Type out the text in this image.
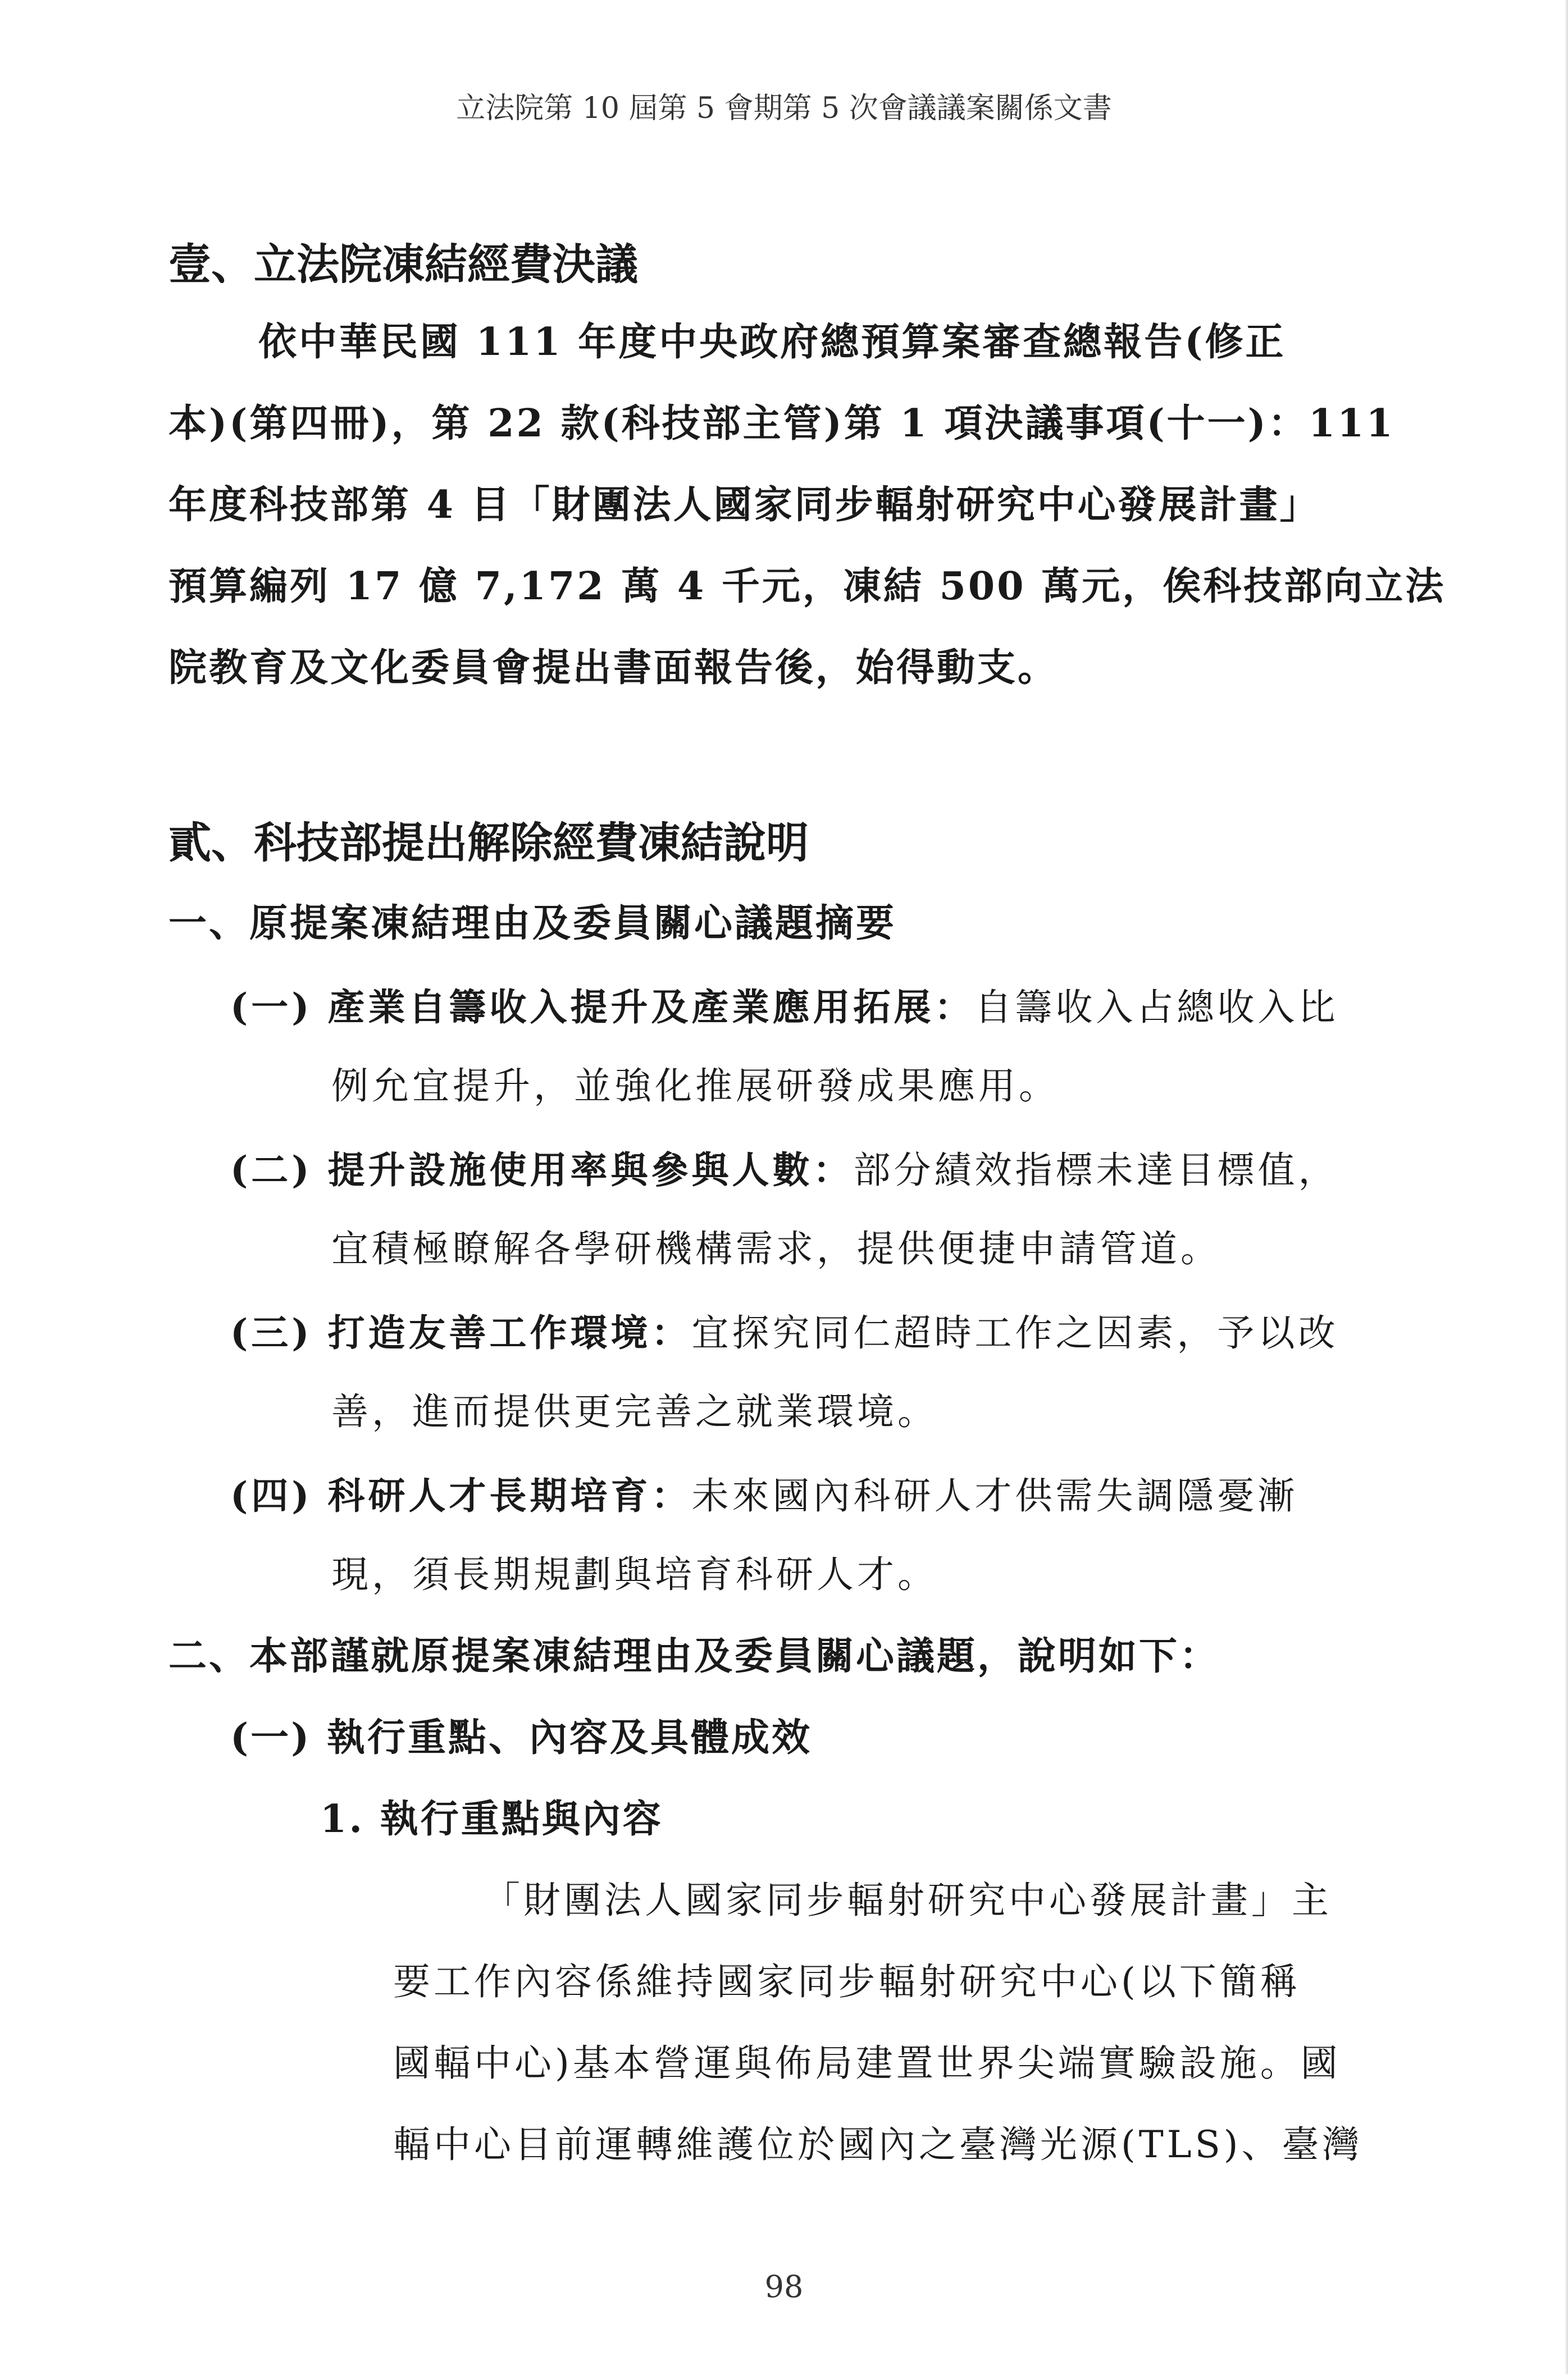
立法院第 10 屆第 5 會期第 5 次會議議案關係文書
壹、立法院凍結經費決議
依中華民國 111 年度中央政府總預算案審查總報告(修正
本)(第四冊)，第 22 款(科技部主管)第 1 項決議事項(十一)：111
年度科技部第 4 目「財團法人國家同步輻射研究中心發展計畫」
預算編列 17 億 7,172 萬 4 千元，凍結 500 萬元，俟科技部向立法
院教育及文化委員會提出書面報告後，始得動支。
貳、科技部提出解除經費凍結說明
一、原提案凍結理由及委員關心議題摘要
(一) 產業自籌收入提升及產業應用拓展：自籌收入占總收入比
例允宜提升，並強化推展研發成果應用。
(二) 提升設施使用率與參與人數：部分績效指標未達目標值，
宜積極瞭解各學研機構需求，提供便捷申請管道。
(三) 打造友善工作環境：宜探究同仁超時工作之因素，予以改
善，進而提供更完善之就業環境。
(四) 科研人才長期培育：未來國內科研人才供需失調隱憂漸
現，須長期規劃與培育科研人才。
二、本部謹就原提案凍結理由及委員關心議題，說明如下：
(一) 執行重點、內容及具體成效
1. 執行重點與內容
「財團法人國家同步輻射研究中心發展計畫」主
要工作內容係維持國家同步輻射研究中心(以下簡稱
國輻中心)基本營運與佈局建置世界尖端實驗設施。國
輻中心目前運轉維護位於國內之臺灣光源(TLS)、臺灣
98
